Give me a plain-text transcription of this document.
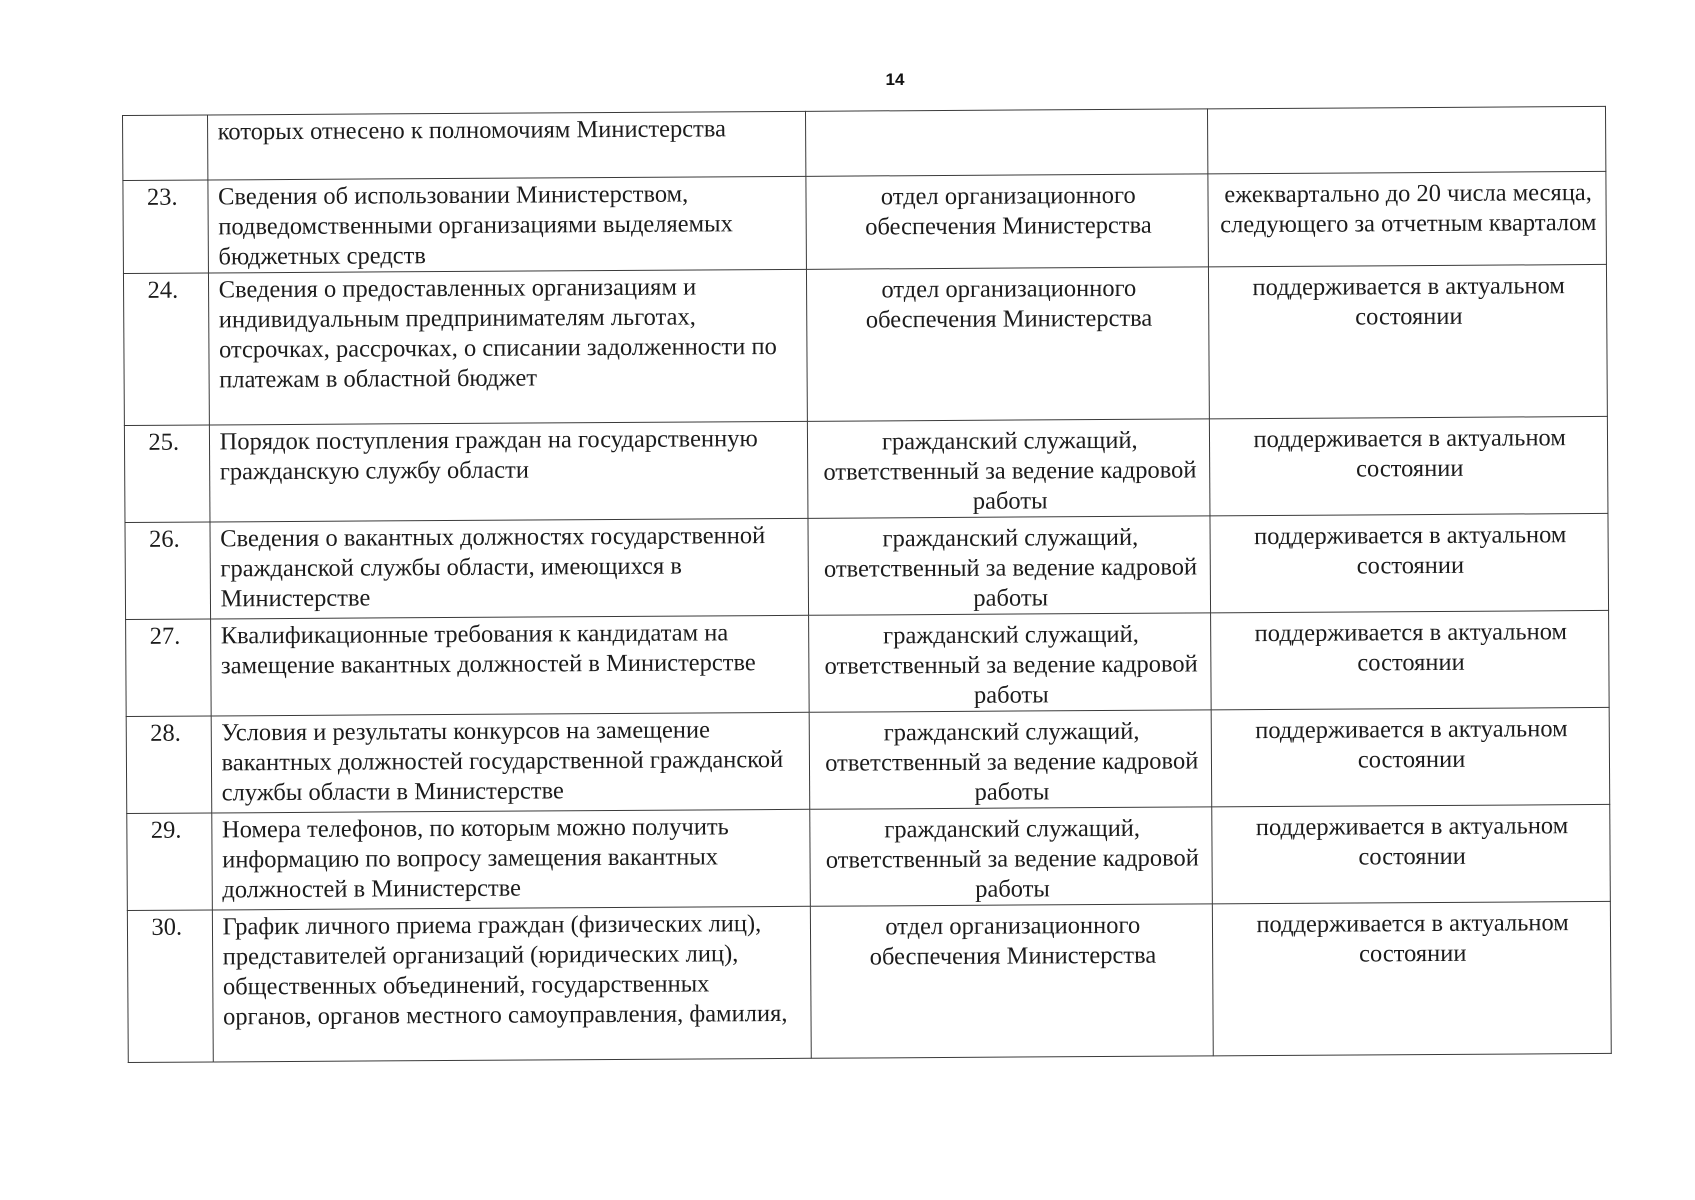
14
	которых отнесено к полномочиям Министерства		
23.	Сведения об использовании Министерством, подведомственными организациями выделяемых бюджетных средств	отдел организационного обеспечения Министерства	ежеквартально до 20 числа месяца, следующего за отчетным кварталом
24.	Сведения о предоставленных организациям и индивидуальным предпринимателям льготах, отсрочках, рассрочках, о списании задолженности по платежам в областной бюджет	отдел организационного обеспечения Министерства	поддерживается в актуальном состоянии
25.	Порядок поступления граждан на государственную гражданскую службу области	гражданский служащий, ответственный за ведение кадровой работы	поддерживается в актуальном состоянии
26.	Сведения о вакантных должностях государственной гражданской службы области, имеющихся в Министерстве	гражданский служащий, ответственный за ведение кадровой работы	поддерживается в актуальном состоянии
27.	Квалификационные требования к кандидатам на замещение вакантных должностей в Министерстве	гражданский служащий, ответственный за ведение кадровой работы	поддерживается в актуальном состоянии
28.	Условия и результаты конкурсов на замещение вакантных должностей государственной гражданской службы области в Министерстве	гражданский служащий, ответственный за ведение кадровой работы	поддерживается в актуальном состоянии
29.	Номера телефонов, по которым можно получить информацию по вопросу замещения вакантных должностей в Министерстве	гражданский служащий, ответственный за ведение кадровой работы	поддерживается в актуальном состоянии
30.	График личного приема граждан (физических лиц), представителей организаций (юридических лиц), общественных объединений, государственных органов, органов местного самоуправления, фамилия,	отдел организационного обеспечения Министерства	поддерживается в актуальном состоянии
